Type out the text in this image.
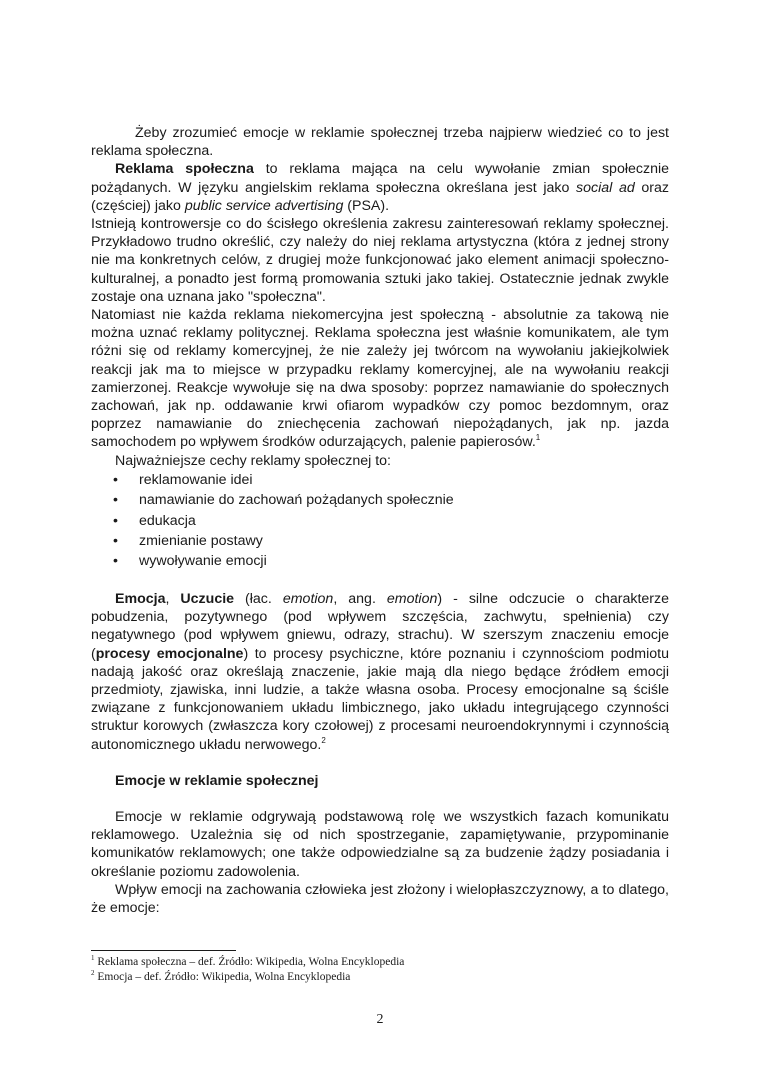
Żeby zrozumieć emocje w reklamie społecznej trzeba najpierw wiedzieć co to jest reklama społeczna.

Reklama społeczna to reklama mająca na celu wywołanie zmian społecznie pożądanych. W języku angielskim reklama społeczna określana jest jako social ad oraz (częściej) jako public service advertising (PSA).

Istnieją kontrowersje co do ścisłego określenia zakresu zainteresowań reklamy społecznej. Przykładowo trudno określić, czy należy do niej reklama artystyczna (która z jednej strony nie ma konkretnych celów, z drugiej może funkcjonować jako element animacji społeczno-kulturalnej, a ponadto jest formą promowania sztuki jako takiej. Ostatecznie jednak zwykle zostaje ona uznana jako "społeczna".

Natomiast nie każda reklama niekomercyjna jest społeczną - absolutnie za takową nie można uznać reklamy politycznej. Reklama społeczna jest właśnie komunikatem, ale tym różni się od reklamy komercyjnej, że nie zależy jej twórcom na wywołaniu jakiejkolwiek reakcji jak ma to miejsce w przypadku reklamy komercyjnej, ale na wywołaniu reakcji zamierzonej. Reakcje wywołuje się na dwa sposoby: poprzez namawianie do społecznych zachowań, jak np. oddawanie krwi ofiarom wypadków czy pomoc bezdomnym, oraz poprzez namawianie do zniechęcenia zachowań niepożądanych, jak np. jazda samochodem po wpływem środków odurzających, palenie papierosów.$^1$

Najważniejsze cechy reklamy społecznej to:

• reklamowanie idei
• namawianie do zachowań pożądanych społecznie
• edukacja
• zmienianie postawy
• wywoływanie emocji

Emocja, Uczucie (łac. emotion, ang. emotion) - silne odczucie o charakterze pobudzenia, pozytywnego (pod wpływem szczęścia, zachwytu, spełnienia) czy negatywnego (pod wpływem gniewu, odrazy, strachu). W szerszym znaczeniu emocje (procesy emocjonalne) to procesy psychiczne, które poznaniu i czynnościom podmiotu nadają jakość oraz określają znaczenie, jakie mają dla niego będące źródłem emocji przedmioty, zjawiska, inni ludzie, a także własna osoba. Procesy emocjonalne są ściśle związane z funkcjonowaniem układu limbicznego, jako układu integrującego czynności struktur korowych (zwłaszcza kory czołowej) z procesami neuroendokrynnymi i czynnością autonomicznego układu nerwowego.$^2$

Emocje w reklamie społecznej

Emocje w reklamie odgrywają podstawową rolę we wszystkich fazach komunikatu reklamowego. Uzależnia się od nich spostrzeganie, zapamiętywanie, przypominanie komunikatów reklamowych; one także odpowiedzialne są za budzenie żądzy posiadania i określanie poziomu zadowolenia.

Wpływ emocji na zachowania człowieka jest złożony i wielopłaszczyznowy, a to dlatego, że emocje:

$^1$ Reklama społeczna – def. Źródło: Wikipedia, Wolna Encyklopedia

$^2$ Emocja – def. Źródło: Wikipedia, Wolna Encyklopedia

2
